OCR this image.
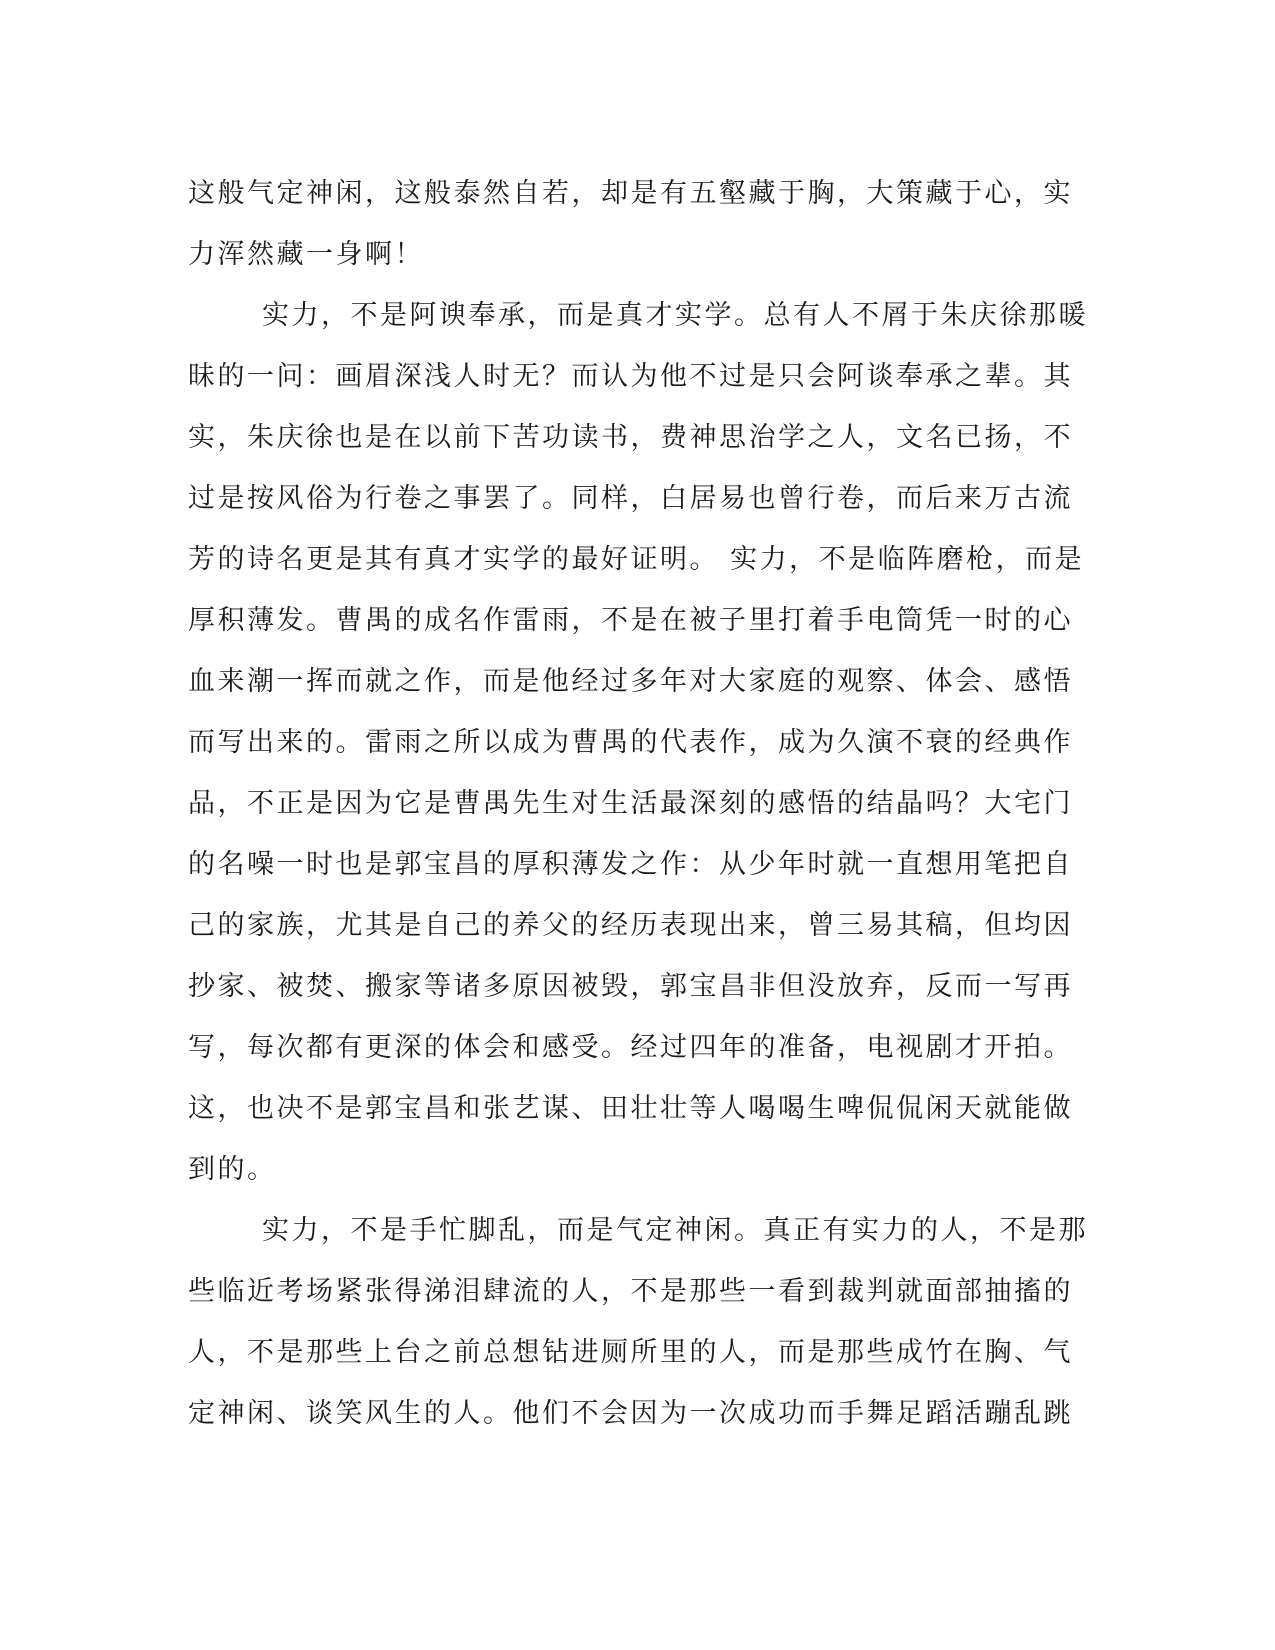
这般气定神闲，这般泰然自若，却是有五壑藏于胸，大策藏于心，实
力浑然藏一身啊！
实力，不是阿谀奉承，而是真才实学。总有人不屑于朱庆徐那暖
昧的一问：画眉深浅人时无？而认为他不过是只会阿谈奉承之辈。其
实，朱庆徐也是在以前下苦功读书，费神思治学之人，文名已扬，不
过是按风俗为行卷之事罢了。同样，白居易也曾行卷，而后来万古流
芳的诗名更是其有真才实学的最好证明。 实力，不是临阵磨枪，而是
厚积薄发。曹禺的成名作雷雨，不是在被子里打着手电筒凭一时的心
血来潮一挥而就之作，而是他经过多年对大家庭的观察、体会、感悟
而写出来的。雷雨之所以成为曹禺的代表作，成为久演不衰的经典作
品，不正是因为它是曹禺先生对生活最深刻的感悟的结晶吗？大宅门
的名噪一时也是郭宝昌的厚积薄发之作：从少年时就一直想用笔把自
己的家族，尤其是自己的养父的经历表现出来，曾三易其稿，但均因
抄家、被焚、搬家等诸多原因被毁，郭宝昌非但没放弃，反而一写再
写，每次都有更深的体会和感受。经过四年的准备，电视剧才开拍。
这，也决不是郭宝昌和张艺谋、田壮壮等人喝喝生啤侃侃闲天就能做
到的。
实力，不是手忙脚乱，而是气定神闲。真正有实力的人，不是那
些临近考场紧张得涕泪肆流的人，不是那些一看到裁判就面部抽搐的
人，不是那些上台之前总想钻进厕所里的人，而是那些成竹在胸、气
定神闲、谈笑风生的人。他们不会因为一次成功而手舞足蹈活蹦乱跳
